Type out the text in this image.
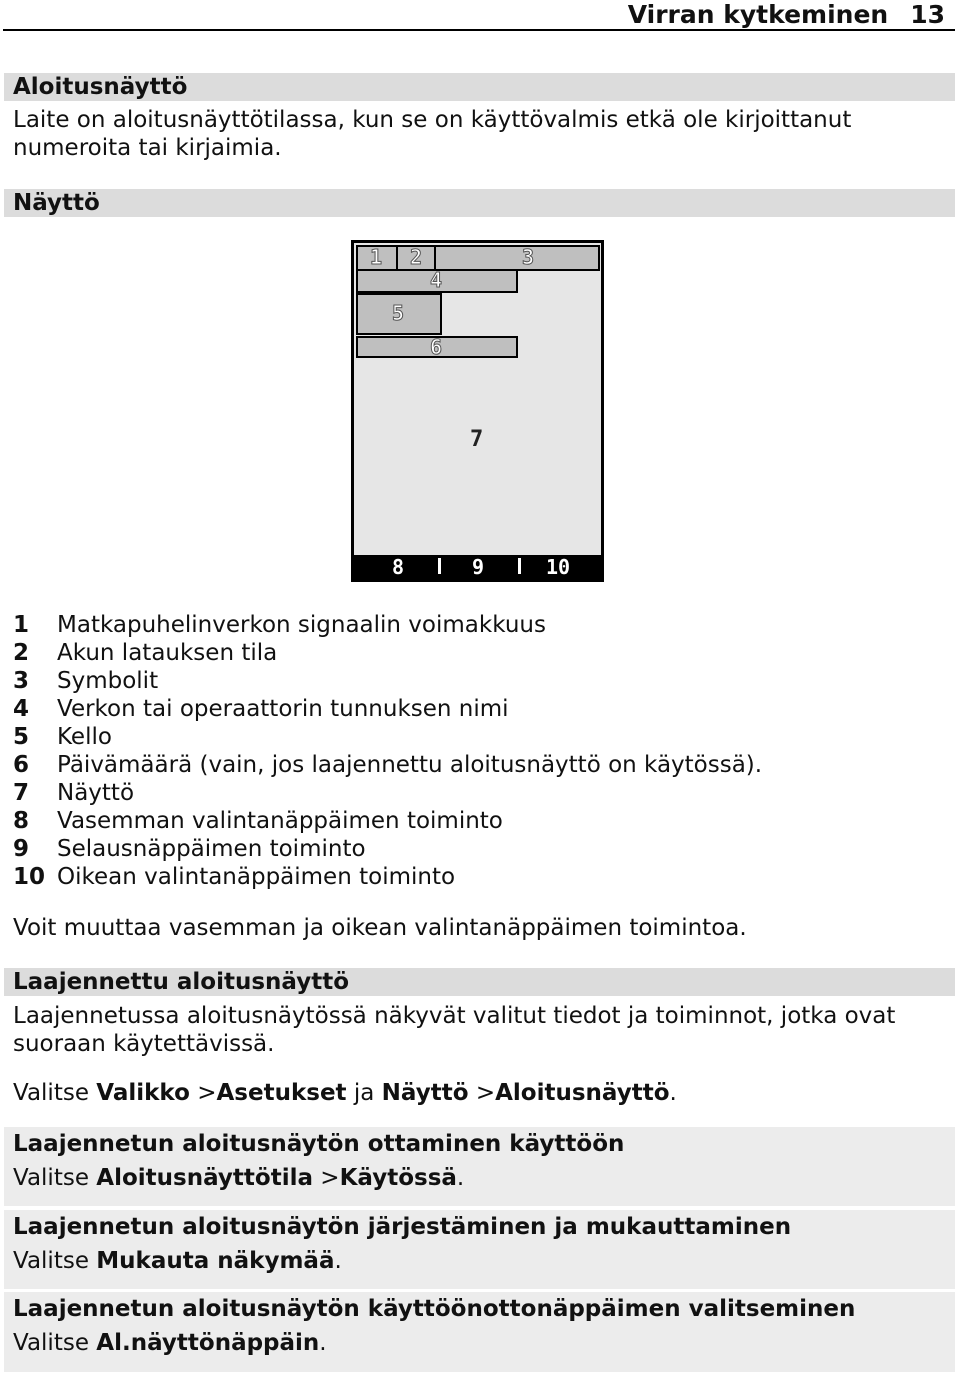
Virran kytkeminen 13
Aloitusnäyttö
Laite on aloitusnäyttötilassa, kun se on käyttövalmis etkä ole kirjoittanut numeroita tai kirjaimia.
Näyttö
1 2	3
4
5
6
7
8	9	10
1	Matkapuhelinverkon signaalin voimakkuus
2	Akun latauksen tila
3	Symbolit
4	Verkon tai operaattorin tunnuksen nimi
5	Kello
6	Päivämäärä (vain, jos laajennettu aloitusnäyttö on käytössä).
7	Näyttö
8	Vasemman valintanäppäimen toiminto
9	Selausnäppäimen toiminto
10 Oikean valintanäppäimen toiminto
Voit muuttaa vasemman ja oikean valintanäppäimen toimintoa.
Laajennettu aloitusnäyttö
Laajennetussa aloitusnäytössä näkyvät valitut tiedot ja toiminnot, jotka ovat suoraan käytettävissä.
Valitse Valikko >Asetukset ja Näyttö >Aloitusnäyttö.
Laajennetun aloitusnäytön ottaminen käyttöön
Valitse Aloitusnäyttötila >Käytössä.
Laajennetun aloitusnäytön järjestäminen ja mukauttaminen
Valitse Mukauta näkymää.
Laajennetun aloitusnäytön käyttöönottonäppäimen valitseminen
Valitse Al.näyttönäppäin.
